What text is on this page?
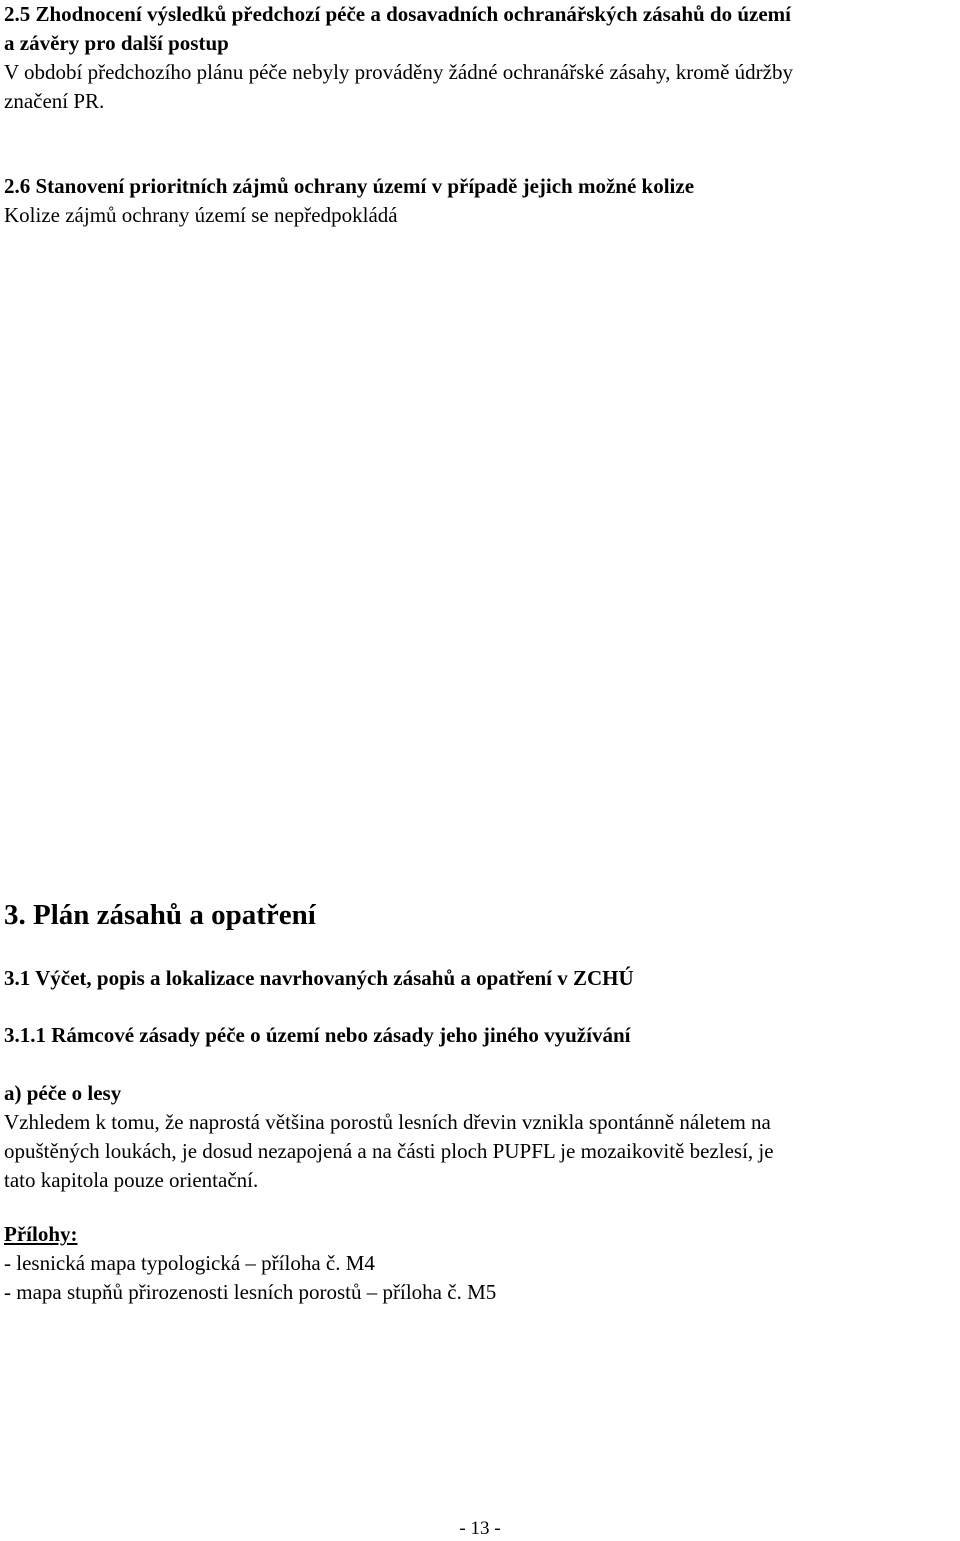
2.5 Zhodnocení výsledků předchozí péče a dosavadních ochranářských zásahů do území
a závěry pro další postup
V období předchozího plánu péče nebyly prováděny žádné ochranářské zásahy, kromě údržby
značení PR.
2.6 Stanovení prioritních zájmů ochrany území v případě jejich možné kolize
Kolize zájmů ochrany území se nepředpokládá
3. Plán zásahů a opatření
3.1 Výčet, popis a lokalizace navrhovaných zásahů a opatření v ZCHÚ
3.1.1 Rámcové zásady péče o území nebo zásady jeho jiného využívání
a) péče o lesy
Vzhledem k tomu, že naprostá většina porostů lesních dřevin vznikla spontánně náletem na
opuštěných loukách, je dosud nezapojená a na části ploch PUPFL je mozaikovitě bezlesí, je
tato kapitola pouze orientační.
Přílohy:
- lesnická mapa typologická – příloha č. M4
- mapa stupňů přirozenosti lesních porostů – příloha č. M5
- 13 -
